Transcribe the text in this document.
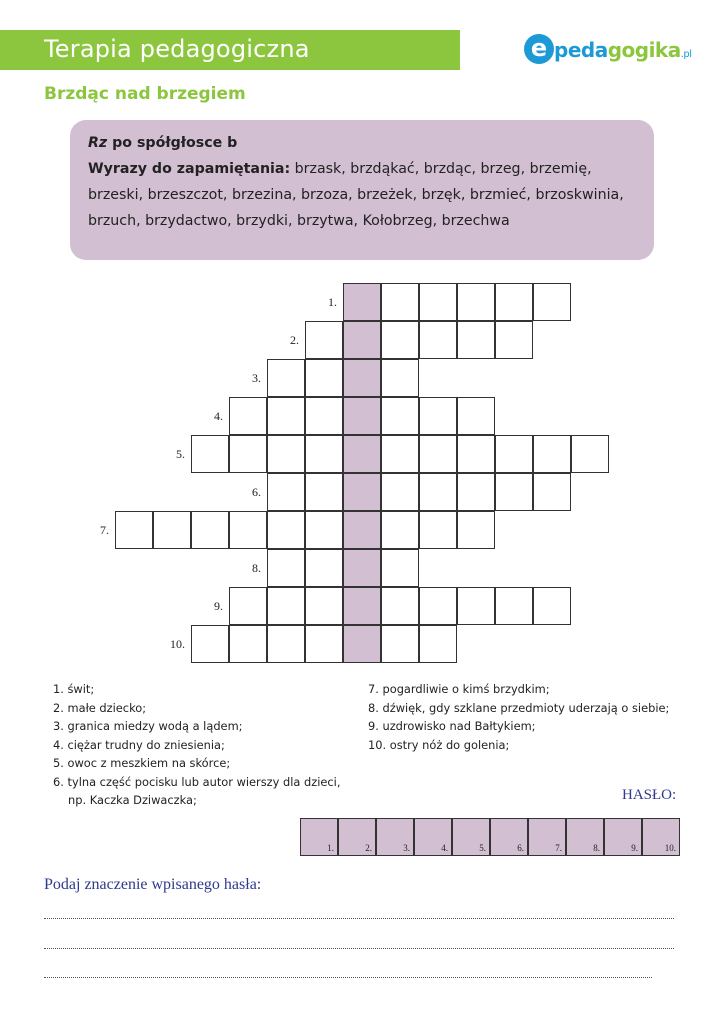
Terapia pedagogiczna	e pedagogika.pl
Brzdąc nad brzegiem
Rz po spółgłosce b
Wyrazy do zapamiętania: brzask, brzdąkać, brzdąc, brzeg, brzemię, brzeski, brzeszczot, brzezina, brzoza, brzeżek, brzęk, brzmieć, brzoskwinia, brzuch, brzydactwo, brzydki, brzytwa, Kołobrzeg, brzechwa
1.
2.
3.
4.
5.
6.
7.
8.
9.
10.
1. świt;
2. małe dziecko;
3. granica miedzy wodą a lądem;
4. ciężar trudny do zniesienia;
5. owoc z meszkiem na skórce;
6. tylna część pocisku lub autor wierszy dla dzieci,
np. Kaczka Dziwaczka;
7. pogardliwie o kimś brzydkim;
8. dźwięk, gdy szklane przedmioty uderzają o siebie;
9. uzdrowisko nad Bałtykiem;
10. ostry nóż do golenia;
HASŁO:
1.	2.	3.	4.	5.	6.	7.	8.	9.	10.
Podaj znaczenie wpisanego hasła:
